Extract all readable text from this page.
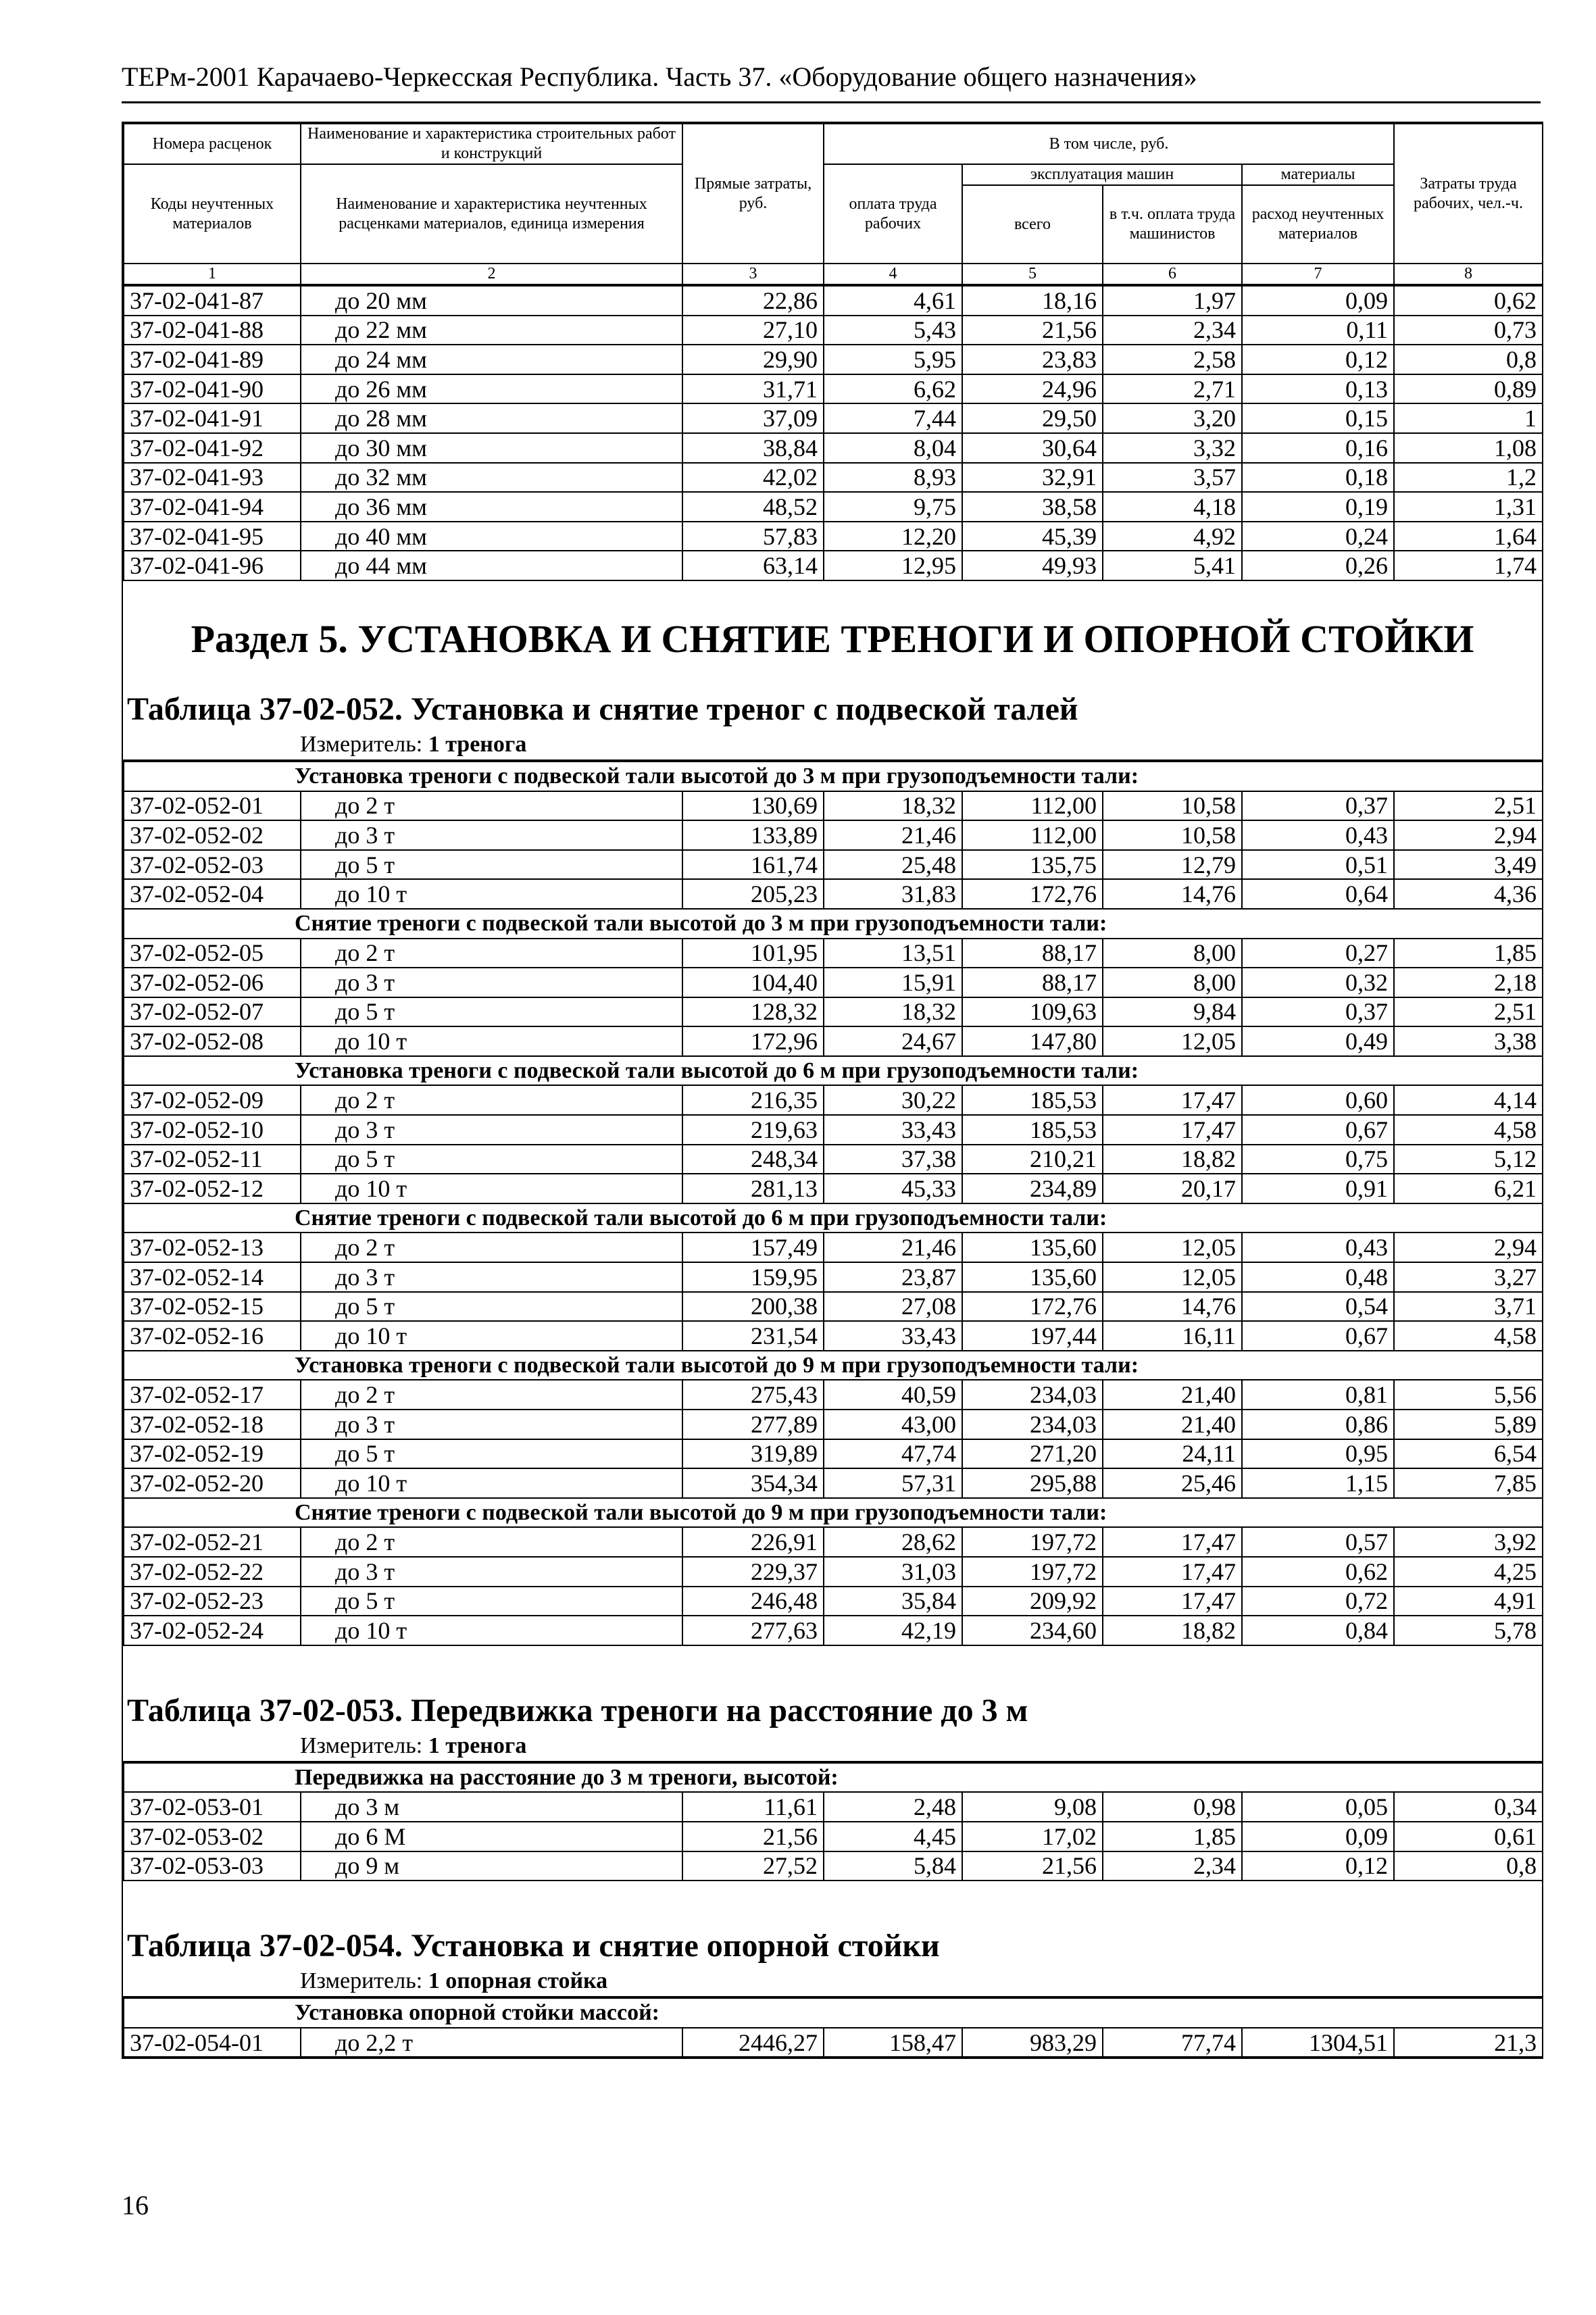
ТЕРм-2001 Карачаево-Черкесская Республика. Часть 37. «Оборудование общего назначения»
Номера расценок	Наименование и характеристика строительных работ и конструкций	Прямые затраты, руб.	В том числе, руб.				Затраты труда рабочих, чел.-ч.
Коды неучтенных материалов	Наименование и характеристика неучтенных расценками материалов, единица измерения		оплата труда рабочих	эксплуатация машин		материалы	
				всего	в т.ч. оплата труда машинистов	расход неучтенных материалов	

1	2	3	4	5	6	7	8
37-02-041-87	до 20 мм	22,86	4,61	18,16	1,97	0,09	0,62
37-02-041-88	до 22 мм	27,10	5,43	21,56	2,34	0,11	0,73
37-02-041-89	до 24 мм	29,90	5,95	23,83	2,58	0,12	0,8
37-02-041-90	до 26 мм	31,71	6,62	24,96	2,71	0,13	0,89
37-02-041-91	до 28 мм	37,09	7,44	29,50	3,20	0,15	1
37-02-041-92	до 30 мм	38,84	8,04	30,64	3,32	0,16	1,08
37-02-041-93	до 32 мм	42,02	8,93	32,91	3,57	0,18	1,2
37-02-041-94	до 36 мм	48,52	9,75	38,58	4,18	0,19	1,31
37-02-041-95	до 40 мм	57,83	12,20	45,39	4,92	0,24	1,64
37-02-041-96	до 44 мм	63,14	12,95	49,93	5,41	0,26	1,74
Раздел 5. УСТАНОВКА И СНЯТИЕ ТРЕНОГИ И ОПОРНОЙ СТОЙКИ
Таблица 37-02-052. Установка и снятие треног с подвеской талей
Измеритель: 1 тренога
Установка треноги с подвеской тали высотой до 3 м при грузоподъемности тали:							
37-02-052-01	до 2 т	130,69	18,32	112,00	10,58	0,37	2,51
37-02-052-02	до 3 т	133,89	21,46	112,00	10,58	0,43	2,94
37-02-052-03	до 5 т	161,74	25,48	135,75	12,79	0,51	3,49
37-02-052-04	до 10 т	205,23	31,83	172,76	14,76	0,64	4,36
Снятие треноги с подвеской тали высотой до 3 м при грузоподъемности тали:							
37-02-052-05	до 2 т	101,95	13,51	88,17	8,00	0,27	1,85
37-02-052-06	до 3 т	104,40	15,91	88,17	8,00	0,32	2,18
37-02-052-07	до 5 т	128,32	18,32	109,63	9,84	0,37	2,51
37-02-052-08	до 10 т	172,96	24,67	147,80	12,05	0,49	3,38
Установка треноги с подвеской тали высотой до 6 м при грузоподъемности тали:							
37-02-052-09	до 2 т	216,35	30,22	185,53	17,47	0,60	4,14
37-02-052-10	до 3 т	219,63	33,43	185,53	17,47	0,67	4,58
37-02-052-11	до 5 т	248,34	37,38	210,21	18,82	0,75	5,12
37-02-052-12	до 10 т	281,13	45,33	234,89	20,17	0,91	6,21
Снятие треноги с подвеской тали высотой до 6 м при грузоподъемности тали:							
37-02-052-13	до 2 т	157,49	21,46	135,60	12,05	0,43	2,94
37-02-052-14	до 3 т	159,95	23,87	135,60	12,05	0,48	3,27
37-02-052-15	до 5 т	200,38	27,08	172,76	14,76	0,54	3,71
37-02-052-16	до 10 т	231,54	33,43	197,44	16,11	0,67	4,58
Установка треноги с подвеской тали высотой до 9 м при грузоподъемности тали:							
37-02-052-17	до 2 т	275,43	40,59	234,03	21,40	0,81	5,56
37-02-052-18	до 3 т	277,89	43,00	234,03	21,40	0,86	5,89
37-02-052-19	до 5 т	319,89	47,74	271,20	24,11	0,95	6,54
37-02-052-20	до 10 т	354,34	57,31	295,88	25,46	1,15	7,85
Снятие треноги с подвеской тали высотой до 9 м при грузоподъемности тали:							
37-02-052-21	до 2 т	226,91	28,62	197,72	17,47	0,57	3,92
37-02-052-22	до 3 т	229,37	31,03	197,72	17,47	0,62	4,25
37-02-052-23	до 5 т	246,48	35,84	209,92	17,47	0,72	4,91
37-02-052-24	до 10 т	277,63	42,19	234,60	18,82	0,84	5,78
Таблица 37-02-053. Передвижка треноги на расстояние до 3 м
Измеритель: 1 тренога
Передвижка на расстояние до 3 м треноги, высотой:							
37-02-053-01	до 3 м	11,61	2,48	9,08	0,98	0,05	0,34
37-02-053-02	до 6 М	21,56	4,45	17,02	1,85	0,09	0,61
37-02-053-03	до 9 м	27,52	5,84	21,56	2,34	0,12	0,8
Таблица 37-02-054. Установка и снятие опорной стойки
Измеритель: 1 опорная стойка
Установка опорной стойки массой:
37-02-054-01	до 2,2 т	2446,27	158,47	983,29	77,74	1304,51	21,3
16
